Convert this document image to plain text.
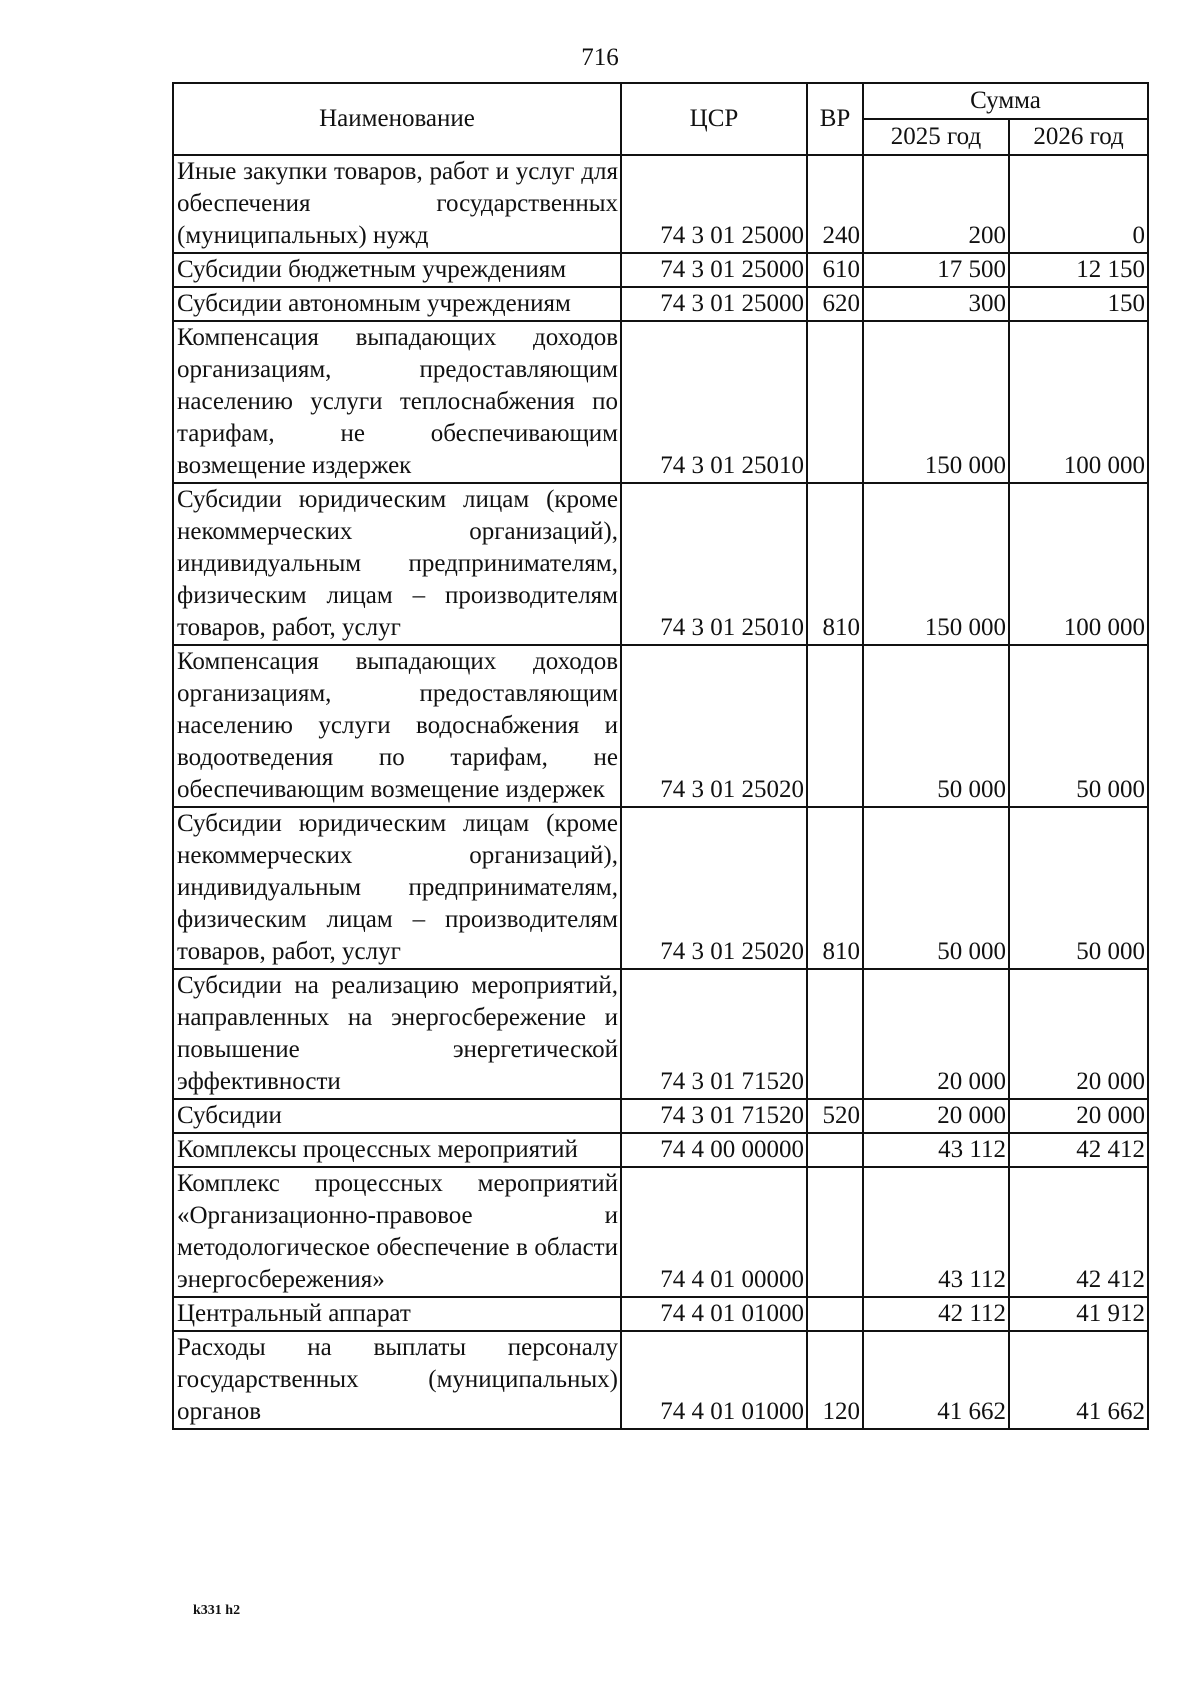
716
Наименование	ЦСР	ВР	Сумма	
			2025 год	2026 год
Иные закупки товаров, работ и услуг для обеспечения государственных (муниципальных) нужд	74 3 01 25000	240	200	0
Субсидии бюджетным учреждениям	74 3 01 25000	610	17 500	12 150
Субсидии автономным учреждениям	74 3 01 25000	620	300	150
Компенсация выпадающих доходов организациям, предоставляющим населению услуги теплоснабжения по тарифам, не обеспечивающим возмещение издержек	74 3 01 25010		150 000	100 000
Субсидии юридическим лицам (кроме некоммерческих организаций), индивидуальным предпринимателям, физическим лицам – производителям товаров, работ, услуг	74 3 01 25010	810	150 000	100 000
Компенсация выпадающих доходов организациям, предоставляющим населению услуги водоснабжения и водоотведения по тарифам, не обеспечивающим возмещение издержек	74 3 01 25020		50 000	50 000
Субсидии юридическим лицам (кроме некоммерческих организаций), индивидуальным предпринимателям, физическим лицам – производителям товаров, работ, услуг	74 3 01 25020	810	50 000	50 000
Субсидии на реализацию мероприятий, направленных на энергосбережение и повышение энергетической эффективности	74 3 01 71520		20 000	20 000
Субсидии	74 3 01 71520	520	20 000	20 000
Комплексы процессных мероприятий	74 4 00 00000		43 112	42 412
Комплекс процессных мероприятий «Организационно-правовое и методологическое обеспечение в области энергосбережения»	74 4 01 00000		43 112	42 412
Центральный аппарат	74 4 01 01000		42 112	41 912
Расходы на выплаты персоналу государственных (муниципальных) органов	74 4 01 01000	120	41 662	41 662
k331 h2
